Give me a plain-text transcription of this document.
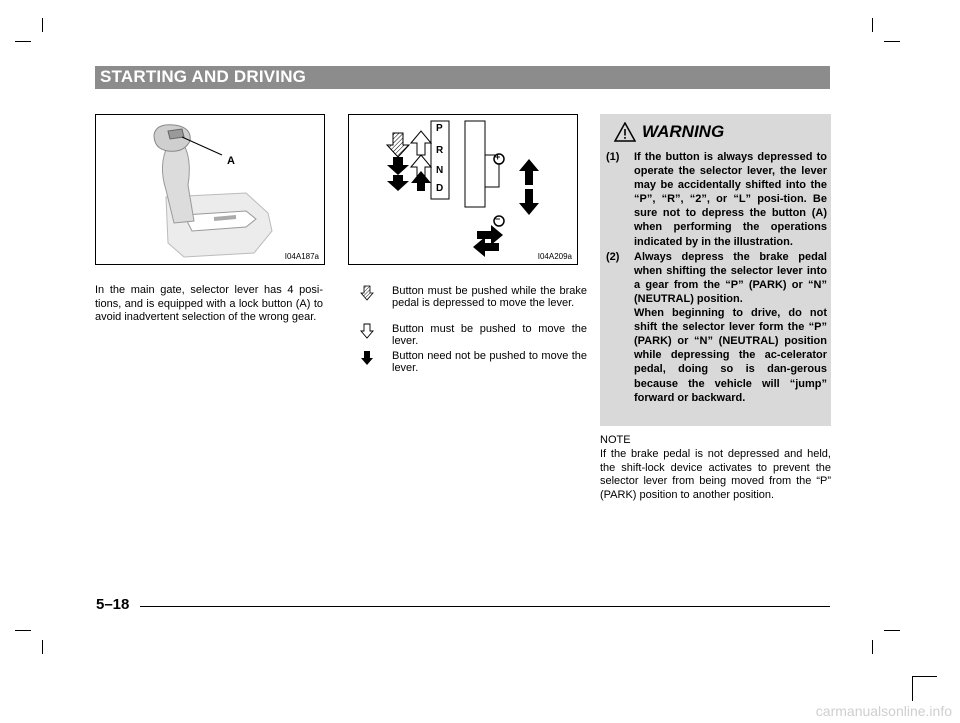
STARTING AND DRIVING
A
I04A187a
P
R
N
D
+
−
I04A209a
In the main gate, selector lever has 4 posi-tions, and is equipped with a lock button (A) to avoid inadvertent selection of the wrong gear.
Button must be pushed while the brake pedal is depressed to move the lever.
Button must be pushed to move the lever.
Button need not be pushed to move the lever.
WARNING
(1) If the button is always depressed to operate the selector lever, the lever may be accidentally shifted into the “P”, “R”, “2”, or “L” posi-tion. Be sure not to depress the button (A) when performing the operations indicated by in the illustration.
(2) Always depress the brake pedal when shifting the selector lever into a gear from the “P” (PARK) or “N” (NEUTRAL) position.
When beginning to drive, do not shift the selector lever form the “P” (PARK) or “N” (NEUTRAL) position while depressing the ac-celerator pedal, doing so is dan-gerous because the vehicle will “jump” forward or backward.
NOTE
If the brake pedal is not depressed and held, the shift-lock device activates to prevent the selector lever from being moved from the “P” (PARK) position to another position.
5–18
carmanualsonline.info
